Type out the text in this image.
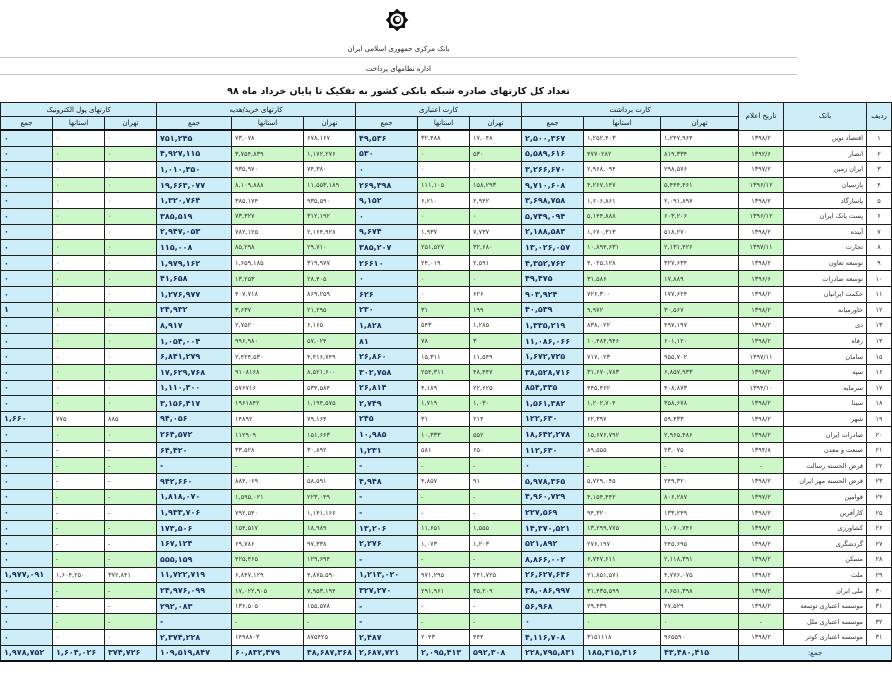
بانک مرکزی جمهوری اسلامی ایران
اداره نظامهای پرداخت
تعداد کل کارتهای صادره شبکه بانکی کشور به تفکیک تا پایان خرداد ماه ۹۸
ردیف	بانک	تاریخ اعلام	کارت برداشت	کارت اعتباری	کارتهای خرید/هدیه	کارتهای پول الکترونیک
تهران	استانها	جمع	تهران	استانها	جمع	تهران	استانها	جمع	تهران	استانها	جمع
۱	اقتصاد نوین	۱۳۹۸/۲	۱,۲۴۷,۹۶۴	۱,۲۵۲,۴۰۳	۲,۵۰۰,۳۶۷	۱۷,۰۴۸	۳۲,۴۸۸	۴۹,۵۳۶	۶۷۸,۱۶۷	۷۳,۰۷۸	۷۵۱,۲۴۵	۰	۰	۰
۲	انصار	۱۳۹۲/۶	۸۱۹,۳۳۴	۴۷۷۰۲۸۲	۵,۵۸۹,۶۱۶	۵۳۰	۰	۵۳۰	۱,۱۷۲,۲۷۶	۳,۷۵۴,۸۳۹	۴,۹۲۷,۱۱۵	۰	۰	۰
۳	ایران زمین	۱۳۹۷/۲	۲۹۸,۵۷۶	۲,۹۶۸,۰۹۴	۳,۲۶۶,۶۷۰	۰	۰	۰	۷۴,۳۸۰	۹۳۵,۹۷۰	۱,۰۱۰,۳۵۰	۰	۰	۰
۴	پارسیان	۱۳۹۶/۱۲	۵,۴۴۴,۴۶۱	۴,۲۶۷,۱۴۷	۹,۷۱۰,۶۰۸	۱۵۸,۲۹۳	۱۱۱,۱۰۵	۲۶۹,۳۹۸	۱۱,۵۵۳,۱۸۹	۸,۱۰۹,۸۸۸	۱۹,۶۶۳,۰۷۷	۰	۰	۰
۵	پاسارگاد	۱۳۹۸/۲	۲,۰۹۱,۸۹۷	۱,۶۰۶,۸۶۱	۳,۶۹۸,۷۵۸	۲,۹۴۲	۶,۲۱۰	۹,۱۵۲	۹۳۵,۵۹۰	۳۸۵,۱۷۴	۱,۳۲۰,۷۶۴	۰	۰	۰
۶	پست بانک ایران	۱۳۹۶/۱۲	۶۰۳,۲۰۶	۵,۱۴۴,۸۸۸	۵,۷۴۹,۰۹۴	۰	۰	۰	۳۱۲,۱۹۲	۷۳,۳۲۷	۳۸۵,۵۱۹	۰	۰	۰
۷	آینده	۱۳۹۸/۲	۵۱۸,۲۷۰	۱,۶۷۰,۳۱۳	۲,۱۸۸,۵۸۳	۷,۷۳۷	۱,۹۳۷	۹,۶۷۴	۲,۱۶۴,۹۲۸	۷۸۲,۱۲۵	۲,۹۴۷,۰۵۳	۰	۰	۰
۸	تجارت	۱۳۹۷/۱۱	۲,۱۳۱,۴۲۶	۱۰,۸۹۴,۶۳۱	۱۳,۰۲۶,۰۵۷	۳۲,۶۸۰	۲۵۱,۵۲۷	۳۸۵,۲۰۷	۲۹,۷۱۰	۸۵,۲۹۸	۱۱۵,۰۰۸	۰	۰	۰
۹	توسعه تعاون	۱۳۹۸/۲	۳۲۷,۶۳۴	۴,۰۲۵,۱۲۸	۴,۳۵۲,۷۶۲	۲,۵۹۱	۲۴,۰۱۹	۲۶۶۱۰	۳۱۹,۹۷۷	۱,۶۵۹,۱۸۵	۱,۹۷۹,۱۶۲	۰	۰	۰
۱۰	توسعه صادرات	۱۳۹۶/۶	۱۷,۸۸۹	۳۱,۵۸۶	۴۹,۴۷۵	۰	۰	۰	۲۸,۴۰۵	۱۳,۲۵۳	۴۱,۶۵۸	۰	۰	۰
۱۱	حکمت ایرانیان	۱۳۹۸/۲	۱۷۷,۶۲۴	۷۲۶,۳۰۰	۹۰۳,۹۲۴	۶۲۶	۰	۶۲۶	۸۶۹,۲۵۹	۴۰۷,۷۱۸	۱,۲۷۶,۹۷۷	۰	۰	۰
۱۲	خاورمیانه	۱۳۹۸/۲	۳۰,۵۶۷	۹,۹۷۲	۴۰,۵۳۹	۱۹۹	۳۱	۲۳۰	۲۱,۲۹۵	۳,۶۳۷	۲۴,۹۳۲	۰	۱	۱
۱۳	دی	۱۳۹۸/۲	۴۹۷,۱۹۷	۸۳۸,۰۲۲	۱,۳۳۵,۲۱۹	۱,۲۸۵	۵۴۳	۱,۸۲۸	۶,۱۶۵	۲,۷۵۲	۸,۹۱۷	۰	۰	۰
۱۴	رفاه	۱۳۹۸/۲	۶۰۱,۱۲۰	۱۰,۴۸۴,۹۴۶	۱۱,۰۸۶,۰۶۶	۳	۷۸	۸۱	۵۷,۰۲۴	۹۹۶,۹۸۰	۱,۰۵۴,۰۰۴	۰	۰	۰
۱۵	سامان	۱۳۹۷/۱۱	۹۵۵,۷۰۲	۷۱۷,۰۲۳	۱,۶۷۲,۷۲۵	۱۱,۵۴۹	۱۵,۳۱۱	۲۶,۸۶۰	۴,۴۱۶,۷۴۹	۲,۴۲۴,۵۳۰	۶,۸۴۱,۲۷۹	۰	۰	۰
۱۶	سپه	۱۳۹۸/۲	۶,۸۵۷,۹۳۳	۳۱,۶۷۰,۷۸۳	۳۸,۵۲۸,۷۱۶	۴۸,۴۴۷	۲۵۴,۳۱۱	۳۰۲,۷۵۸	۸,۵۲۱,۶۰۰	۹۱۰۸۱۶۸	۱۷,۶۲۹,۷۶۸	۰	۰	۰
۱۷	سرمایه	۱۳۹۴/۱۰	۴۰۸,۸۷۳	۴۴۵,۴۶۲	۸۵۴,۳۳۵	۲۲,۶۲۵	۴,۱۸۹	۲۶,۸۱۴	۵۳۴,۵۸۴	۵۷۶۷۱۶	۱,۱۱۰,۳۰۰	۰	۰	۰
۱۸	سینا	۱۳۹۸/۲	۳۵۸,۶۷۸	۱,۲۰۲,۷۰۴	۱,۵۶۱,۳۸۲	۱,۰۳۰	۱,۷۱۹	۲,۷۴۹	۱,۱۹۴,۵۷۵	۱۹۶۱۸۴۲	۳,۱۵۶,۴۱۷	۰	۰	۰
۱۹	شهر	۱۳۹۸/۲	۵۹,۴۳۳	۶۲,۳۹۷	۱۲۲,۶۳۰	۲۱۴	۳۱	۲۴۵	۷۹,۱۶۴	۱۴۸۹۲	۹۴,۰۵۶	۸۸۵	۷۷۵	۱,۶۶۰
۲۰	صادرات ایران	۱۳۹۸/۲	۲,۹۶۵,۴۸۶	۱۵,۶۷۶,۷۹۲	۱۸,۶۴۲,۲۷۸	۵۵۲	۱۰,۳۳۳	۱۰,۹۸۵	۱۵۱,۶۶۳	۱۱۲۹۰۹	۲۶۴,۵۷۲	۰	۰	۰
۲۱	صنعت و معدن	۱۳۹۴/۸	۲۳,۰۷۵	۸۹,۵۵۵	۱۱۲,۶۳۰	۶۵۰	۵۸۱	۱,۲۳۱	۳۰,۸۹۲	۳۳,۵۲۸	۶۴,۴۲۰	-	-	۰
۲۲	قرض الحسنه رسالت	-	-	-	۰	-	-	-	-	-	-	-	-	۰
۲۳	قرض الحسنه مهر ایران	۱۳۹۸/۲	۲۴۹,۳۲۰	۵,۷۲۹,۰۴۵	۵,۹۷۸,۳۶۵	۹۱	۴,۸۵۷	۴,۹۴۸	۵۸,۵۹۱	۸۸۴,۰۶۹	۹۴۲,۶۶۰	-	-	۰
۲۴	قوامین	۱۳۹۷/۲	۸۰۶,۲۸۷	۴,۱۵۴,۴۴۲	۴,۹۶۰,۷۲۹	-	-	-	۲۲۳,۰۴۹	۱,۵۹۵,۰۲۱	۱,۸۱۸,۰۷۰	-	-	۰
۲۵	کارآفرین	۱۳۹۸/۲	۱۳۳,۲۴۹	۹۴,۳۲۰	۲۲۷,۵۶۹	-	-	-	۱,۱۴۱,۱۶۶	۷۹۲,۵۴۰	۱,۹۳۳,۷۰۶	-	-	۰
۲۶	کشاورزی	۱۳۹۸/۲	۱,۰۷۰,۷۴۶	۱۳,۲۹۹,۷۷۵	۱۴,۳۷۰,۵۲۱	۱,۵۵۵	۱۱,۶۵۱	۱۳,۲۰۶	۱۸,۹۸۹	۱۵۴,۵۱۷	۱۷۳,۵۰۶	-	-	۰
۲۷	گردشگری	۱۳۹۸/۲	۲۴۵,۶۹۵	۲۷۶,۱۹۷	۵۲۱,۸۹۲	۱,۲۰۳	۱,۰۷۳	۲,۲۷۶	۹۷,۳۳۸	۶۹,۷۸۶	۱۶۷,۱۲۴	-	-	۰
۲۸	مسکن	۱۳۹۸/۲	۲,۱۱۸,۳۹۱	۶,۷۴۷,۶۱۱	۸,۸۶۶,۰۰۲	-	-	-	۱۲۹,۶۹۴	۴۲۵,۴۶۵	۵۵۵,۱۵۹	-	-	۰
۲۹	ملت	۱۳۹۸/۲	۴,۷۷۶,۰۷۵	۲۱,۸۵۱,۵۷۱	۲۶,۶۲۷,۶۴۶	۲۴۱,۷۲۵	۹۷۱,۲۹۵	۱,۲۱۳,۰۲۰	۴,۸۷۵,۵۹۰	۶,۸۴۷,۱۲۹	۱۱,۷۲۲,۷۱۹	۳۷۲,۸۴۱	۱,۶۰۴,۲۵۰	۱,۹۷۷,۰۹۱
۳۰	ملی ایران	۱۳۹۸/۲	۶,۶۵۱,۳۹۸	۳۱,۴۳۵,۵۹۹	۳۸,۰۸۶,۹۹۷	۳۵,۲۰۹	۲۹۱,۹۶۱	۳۲۷,۲۷۰	۷,۹۵۳,۱۹۴	۱۷,۰۲۲,۹۰۵	۲۴,۹۷۶,۰۹۹	-	-	۰
۳۱	موسسه اعتباری توسعه	۱۳۹۸/۲	۲۷,۵۲۹	۲۹,۴۳۹	۵۶,۹۶۸	-	-	-	۱۵۵,۵۷۸	۱۳۶,۵۰۵	۲۹۲,۰۸۳	-	-	۰
۳۲	موسسه اعتباری ملل	-	۰	۰	۰	-	-	-	-	-	-	-	-	۰
۳۱	موسسه اعتباری کوثر	۱۳۹۸/۲	۹۶۵۵۹۰	۳۱۵۱۱۱۸	۴,۱۱۶,۷۰۸	۴۴۴	۲۰۴۳	۲,۴۸۷	۸۷۵۴۲۵	۱۴۹۸۸۰۳	۲,۳۷۴,۲۲۸	۰	۰	۰
جمع:	۴۳,۴۸۰,۴۱۵	۱۸۵,۳۱۵,۴۱۶	۲۲۸,۷۹۵,۸۳۱	۵۹۲,۳۰۸	۲,۰۹۵,۴۱۳	۲,۶۸۷,۷۲۱	۴۸,۶۸۷,۳۶۸	۶۰,۸۳۲,۴۷۹	۱۰۹,۵۱۹,۸۴۷	۳۷۴,۷۲۶	۱,۶۰۴,۰۲۶	۱,۹۷۸,۷۵۲
